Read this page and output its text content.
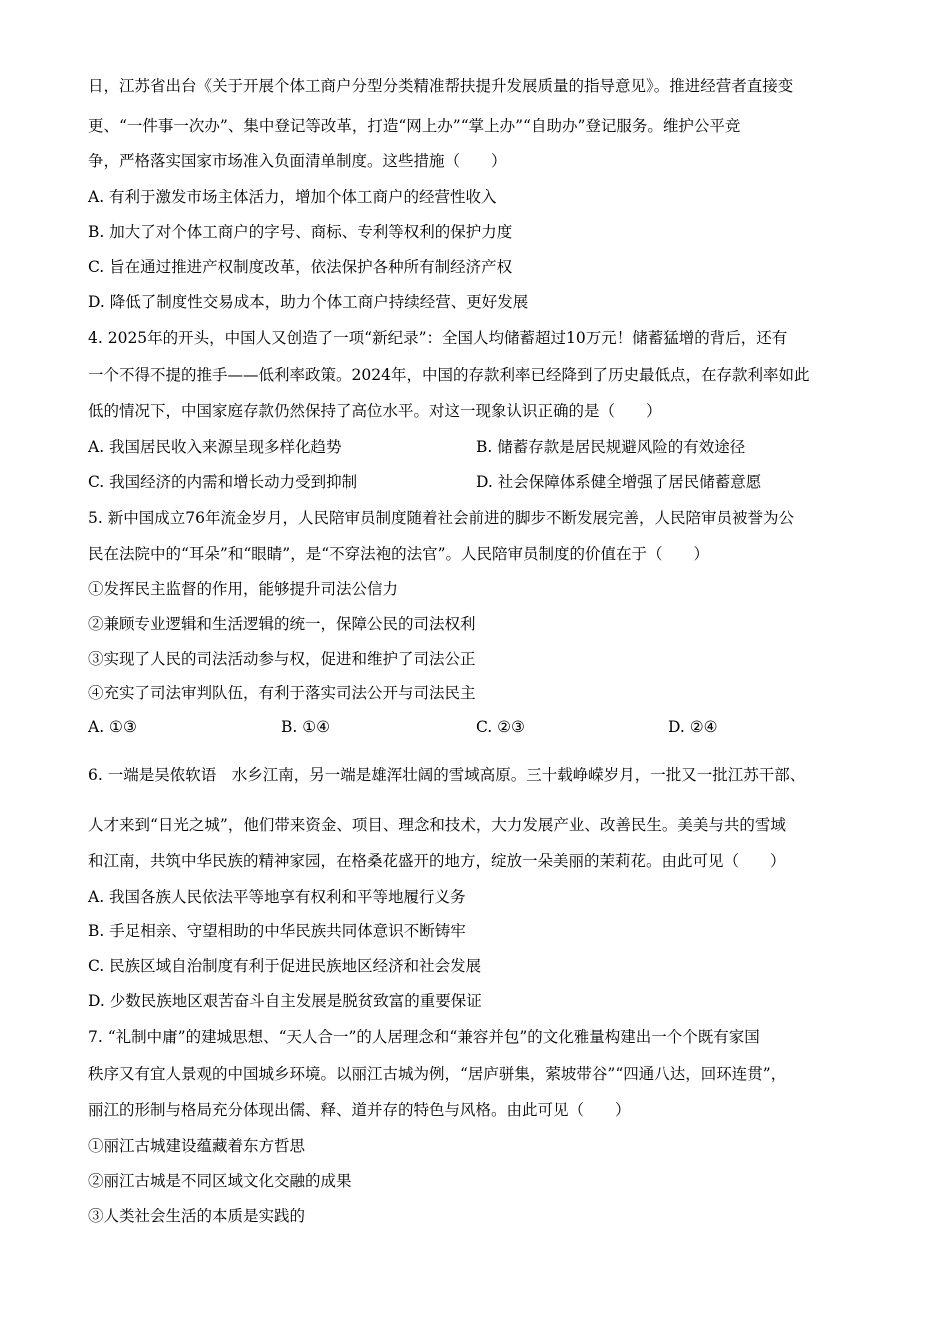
日，江苏省出台《关于开展个体工商户分型分类精准帮扶提升发展质量的指导意见》。推进经营者直接变
更、“一件事一次办”、集中登记等改革，打造“网上办”“掌上办”“自助办”登记服务。维护公平竞
争，严格落实国家市场准入负面清单制度。这些措施（　　）
A. 有利于激发市场主体活力，增加个体工商户的经营性收入
B. 加大了对个体工商户的字号、商标、专利等权利的保护力度
C. 旨在通过推进产权制度改革，依法保护各种所有制经济产权
D. 降低了制度性交易成本，助力个体工商户持续经营、更好发展
4. 2025年的开头，中国人又创造了一项“新纪录”：全国人均储蓄超过10万元！储蓄猛增的背后，还有
一个不得不提的推手——低利率政策。2024年，中国的存款利率已经降到了历史最低点，在存款利率如此
低的情况下，中国家庭存款仍然保持了高位水平。对这一现象认识正确的是（　　）
A. 我国居民收入来源呈现多样化趋势	B. 储蓄存款是居民规避风险的有效途径
C. 我国经济的内需和增长动力受到抑制	D. 社会保障体系健全增强了居民储蓄意愿
5. 新中国成立76年流金岁月，人民陪审员制度随着社会前进的脚步不断发展完善，人民陪审员被誉为公
民在法院中的“耳朵”和“眼睛”，是“不穿法袍的法官”。人民陪审员制度的价值在于（　　）
①发挥民主监督的作用，能够提升司法公信力
②兼顾专业逻辑和生活逻辑的统一，保障公民的司法权利
③实现了人民的司法活动参与权，促进和维护了司法公正
④充实了司法审判队伍，有利于落实司法公开与司法民主
A. ①③	B. ①④	C. ②③	D. ②④
6. 一端是吴侬软语　水乡江南，另一端是雄浑壮阔的雪域高原。三十载峥嵘岁月，一批又一批江苏干部、
人才来到“日光之城”，他们带来资金、项目、理念和技术，大力发展产业、改善民生。美美与共的雪域
和江南，共筑中华民族的精神家园，在格桑花盛开的地方，绽放一朵美丽的茉莉花。由此可见（　　）
A. 我国各族人民依法平等地享有权利和平等地履行义务
B. 手足相亲、守望相助的中华民族共同体意识不断铸牢
C. 民族区域自治制度有利于促进民族地区经济和社会发展
D. 少数民族地区艰苦奋斗自主发展是脱贫致富的重要保证
7. “礼制中庸”的建城思想、“天人合一”的人居理念和“兼容并包”的文化雅量构建出一个个既有家国
秩序又有宜人景观的中国城乡环境。以丽江古城为例，“居庐骈集，萦坡带谷”“四通八达，回环连贯”，
丽江的形制与格局充分体现出儒、释、道并存的特色与风格。由此可见（　　）
①丽江古城建设蕴藏着东方哲思
②丽江古城是不同区域文化交融的成果
③人类社会生活的本质是实践的
